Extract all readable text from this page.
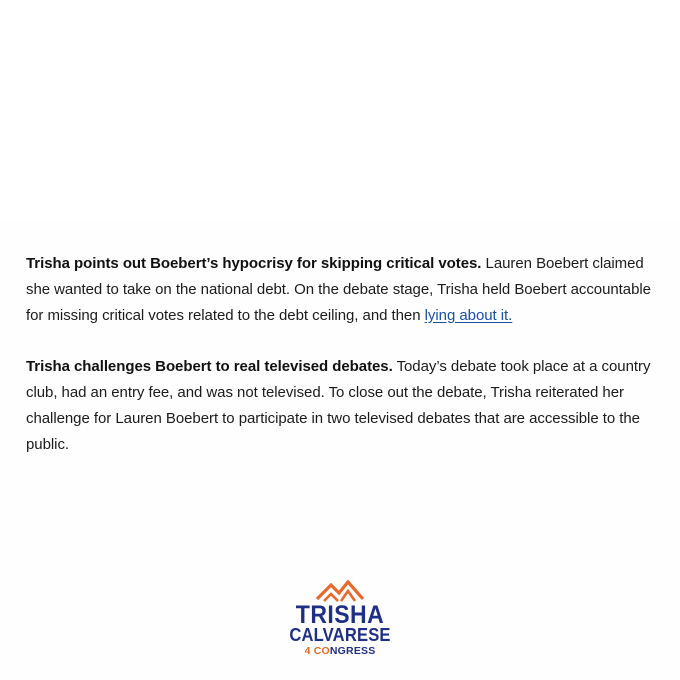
Trisha points out Boebert’s hypocrisy for skipping critical votes. Lauren Boebert claimed she wanted to take on the national debt. On the debate stage, Trisha held Boebert accountable for missing critical votes related to the debt ceiling, and then lying about it.

Trisha challenges Boebert to real televised debates. Today’s debate took place at a country club, had an entry fee, and was not televised. To close out the debate, Trisha reiterated her challenge for Lauren Boebert to participate in two televised debates that are accessible to the public.

TRISHA
CALVARESE
4 CONGRESS
